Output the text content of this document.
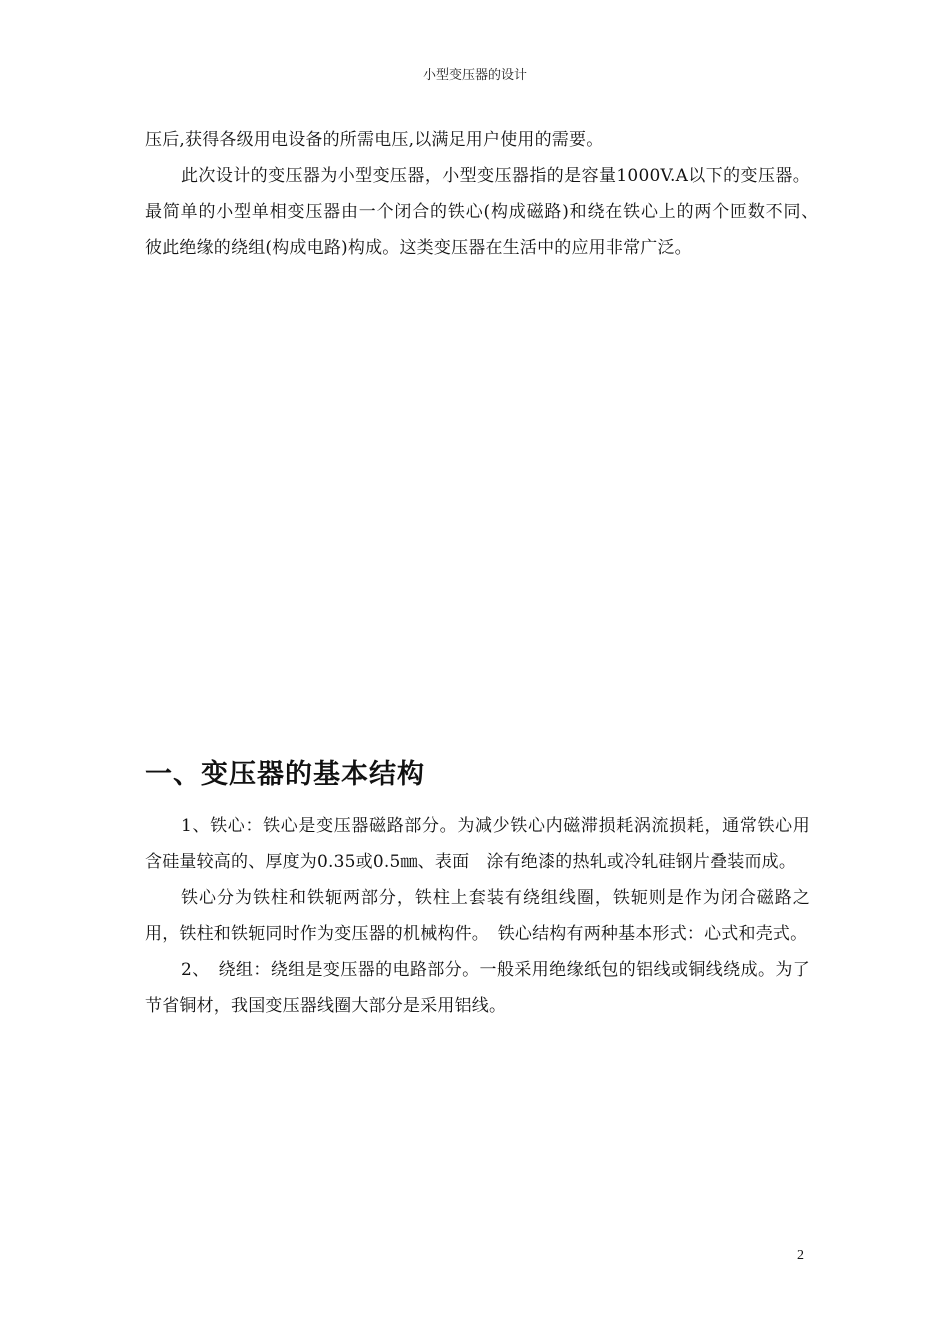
小型变压器的设计

压后,获得各级用电设备的所需电压,以满足用户使用的需要。

此次设计的变压器为小型变压器，小型变压器指的是容量1000V.A以下的变压器。最简单的小型单相变压器由一个闭合的铁心(构成磁路)和绕在铁心上的两个匝数不同、　彼此绝缘的绕组(构成电路)构成。这类变压器在生活中的应用非常广泛。

一、变压器的基本结构

1、铁心：铁心是变压器磁路部分。为减少铁心内磁滞损耗涡流损耗，通常铁心用含硅量较高的、厚度为0.35或0.5㎜、表面　涂有绝漆的热轧或冷轧硅钢片叠装而成。

铁心分为铁柱和铁轭两部分，铁柱上套装有绕组线圈，铁轭则是作为闭合磁路之用，铁柱和铁轭同时作为变压器的机械构件。　铁心结构有两种基本形式：心式和壳式。

2、　绕组：绕组是变压器的电路部分。一般采用绝缘纸包的铝线或铜线绕成。为了节省铜材，我国变压器线圈大部分是采用铝线。

2
